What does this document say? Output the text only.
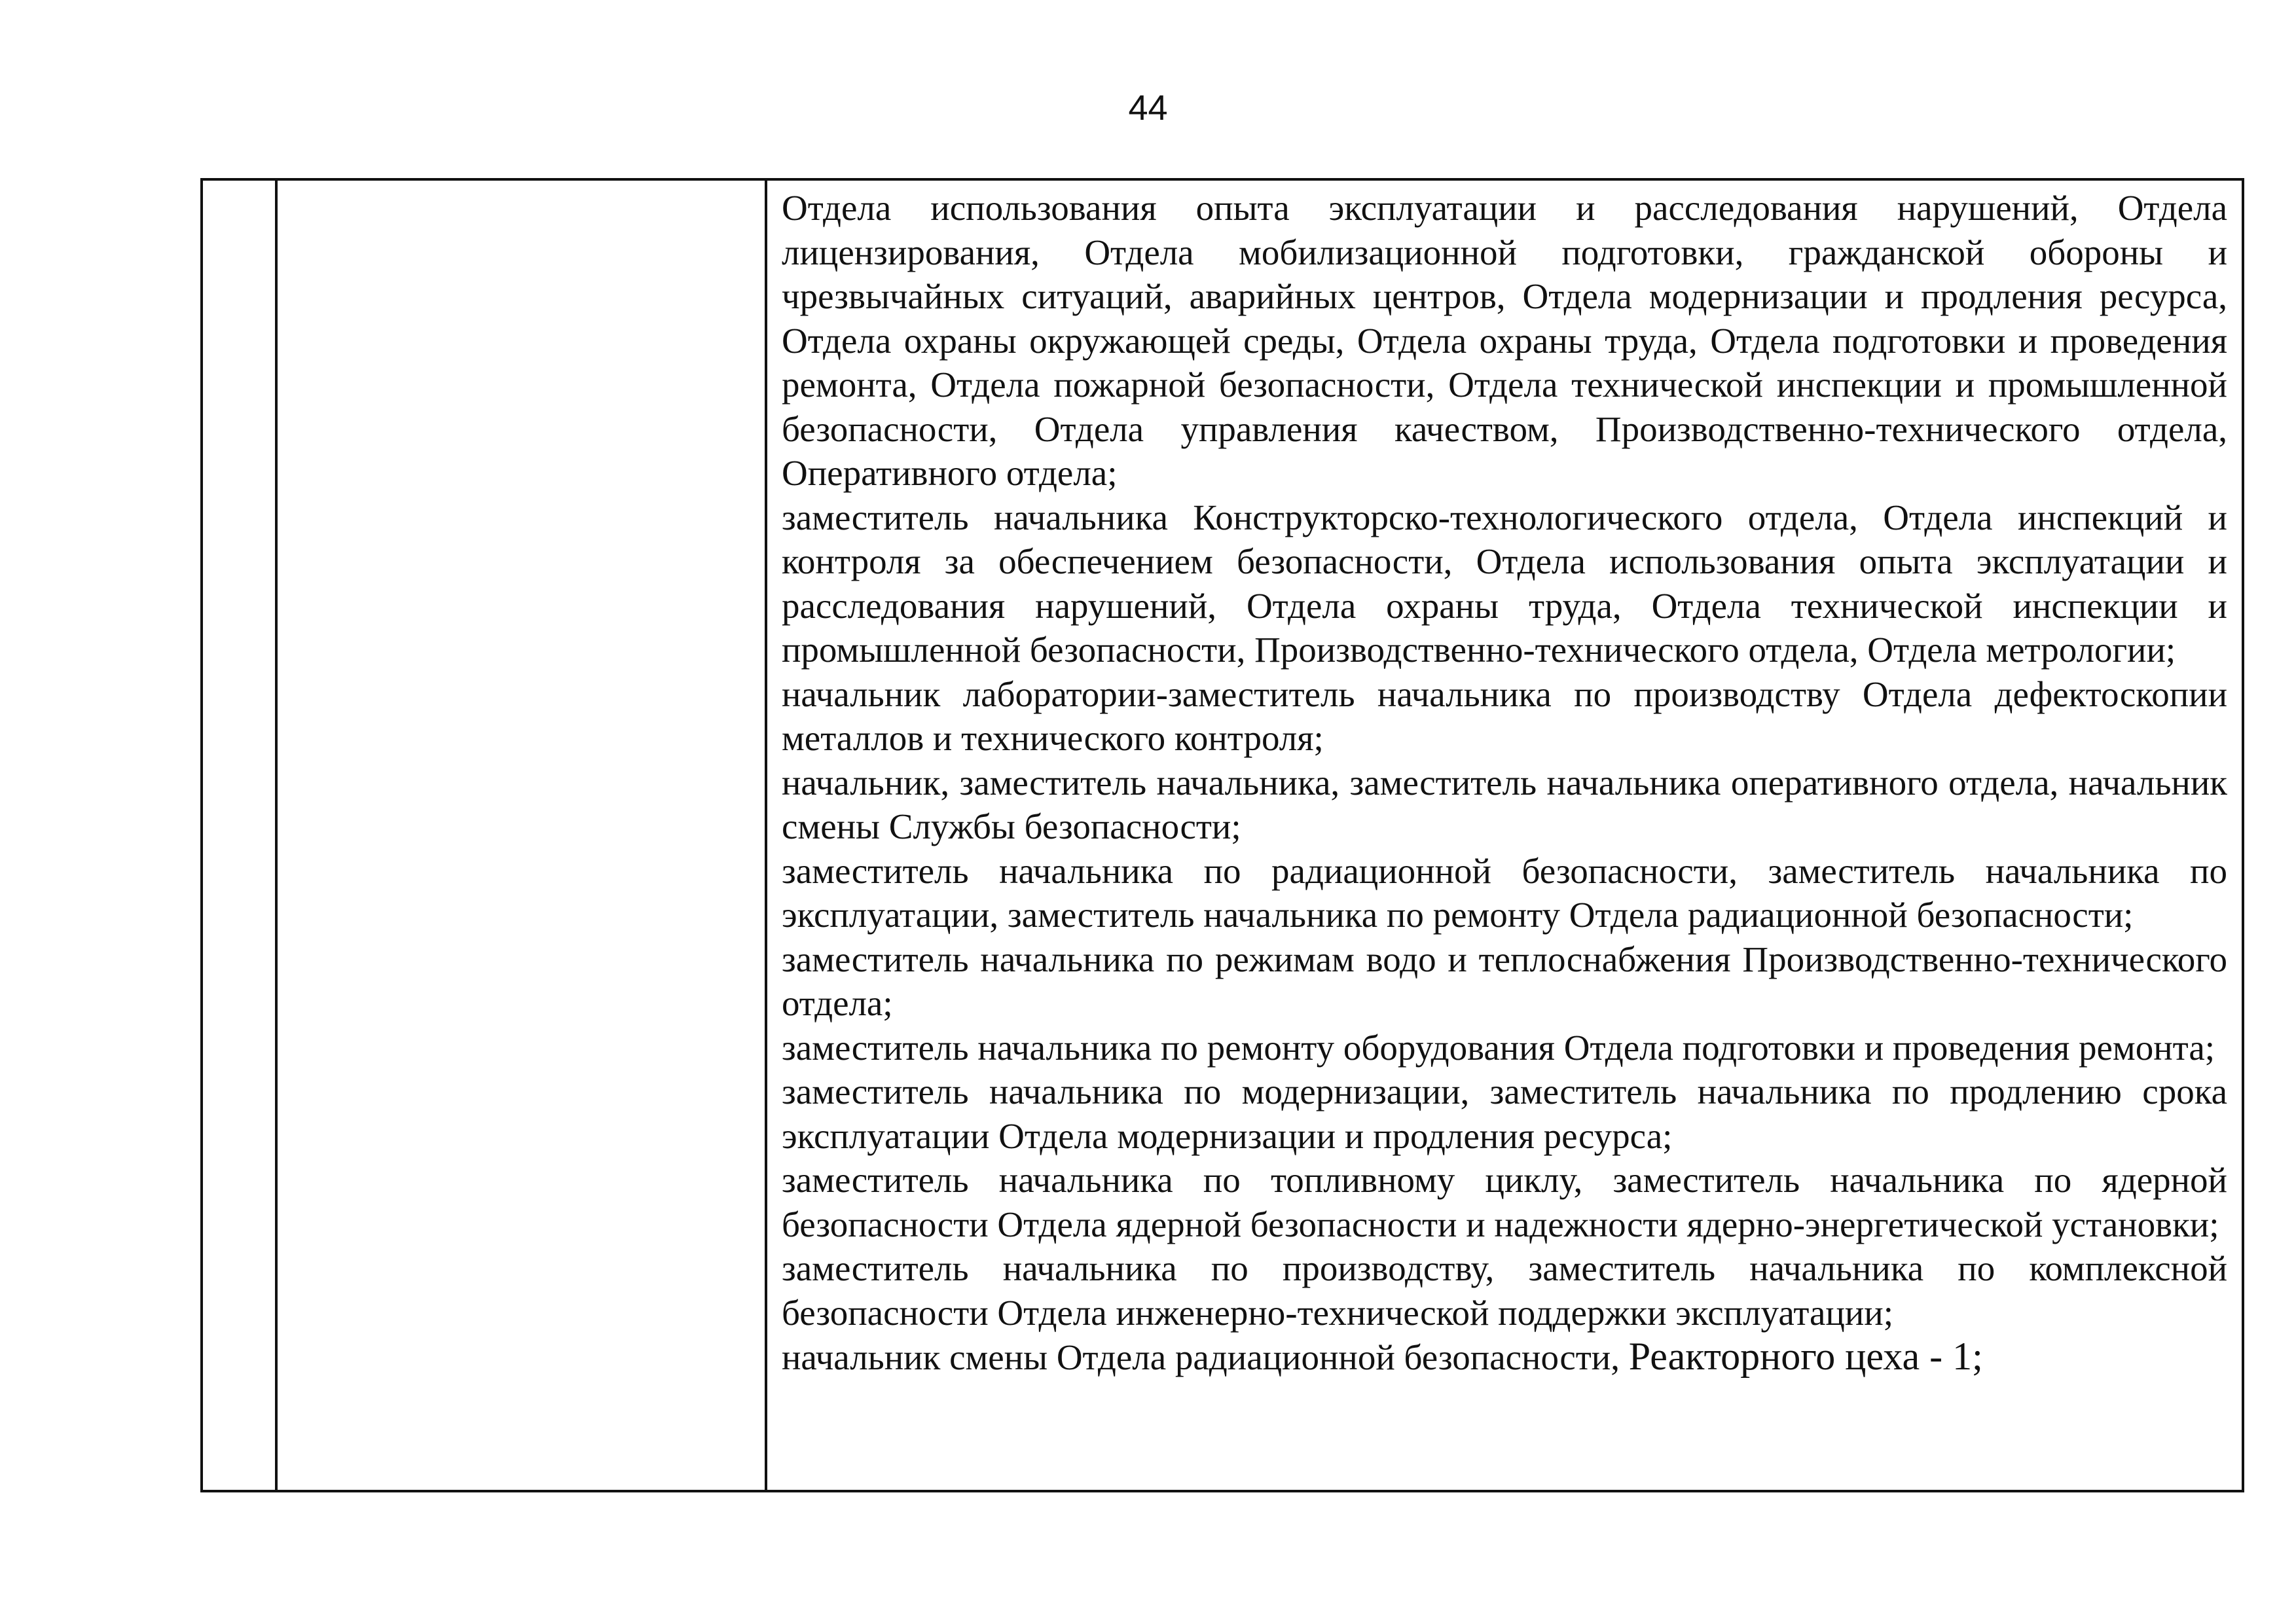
44

Отдела использования опыта эксплуатации и расследования нарушений, Отдела лицензирования, Отдела мобилизационной подготовки, гражданской обороны и чрезвычайных ситуаций, аварийных центров, Отдела модернизации и продления ресурса, Отдела охраны окружающей среды, Отдела охраны труда, Отдела подготовки и проведения ремонта, Отдела пожарной безопасности, Отдела технической инспекции и промышленной безопасности, Отдела управления качеством, Производственно-технического отдела, Оперативного отдела;

заместитель начальника Конструкторско-технологического отдела, Отдела инспекций и контроля за обеспечением безопасности, Отдела использования опыта эксплуатации и расследования нарушений, Отдела охраны труда, Отдела технической инспекции и промышленной безопасности, Производственно-технического отдела, Отдела метрологии;

начальник лаборатории-заместитель начальника по производству Отдела дефектоскопии металлов и технического контроля;

начальник, заместитель начальника, заместитель начальника оперативного отдела, начальник смены Службы безопасности;

заместитель начальника по радиационной безопасности, заместитель начальника по эксплуатации, заместитель начальника по ремонту Отдела радиационной безопасности;

заместитель начальника по режимам водо и теплоснабжения Производственно-технического отдела;

заместитель начальника по ремонту оборудования Отдела подготовки и проведения ремонта;

заместитель начальника по модернизации, заместитель начальника по продлению срока эксплуатации Отдела модернизации и продления ресурса;

заместитель начальника по топливному циклу, заместитель начальника по ядерной безопасности Отдела ядерной безопасности и надежности ядерно-энергетической установки;

заместитель начальника по производству, заместитель начальника по комплексной безопасности Отдела инженерно-технической поддержки эксплуатации;

начальник смены Отдела радиационной безопасности, Реакторного цеха - 1;
